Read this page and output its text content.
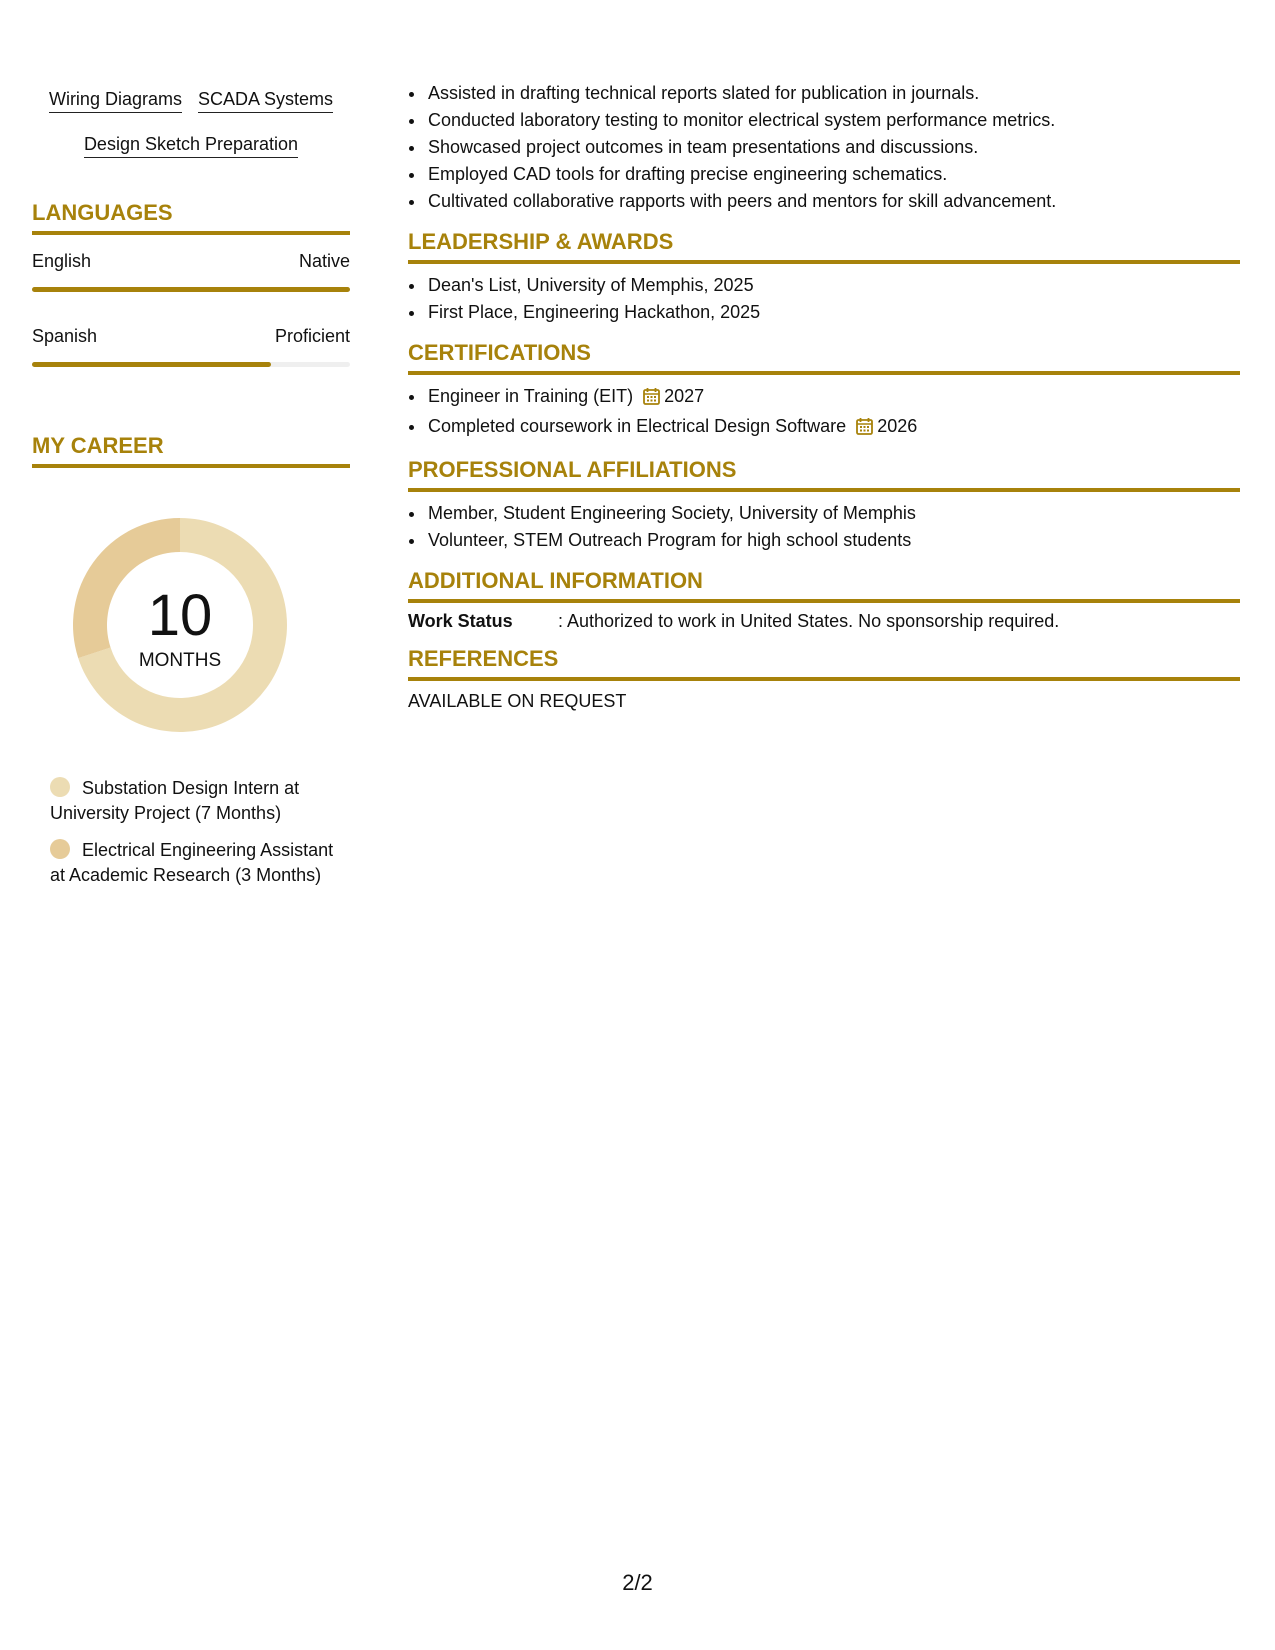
Wiring Diagrams SCADA Systems
Design Sketch Preparation
LANGUAGES
English	Native
Spanish	Proficient
MY CAREER
10
MONTHS
Substation Design Intern at University Project (7 Months)
Electrical Engineering Assistant at Academic Research (3 Months)
• Assisted in drafting technical reports slated for publication in journals.
• Conducted laboratory testing to monitor electrical system performance metrics.
• Showcased project outcomes in team presentations and discussions.
• Employed CAD tools for drafting precise engineering schematics.
• Cultivated collaborative rapports with peers and mentors for skill advancement.
LEADERSHIP & AWARDS
• Dean's List, University of Memphis, 2025
• First Place, Engineering Hackathon, 2025
CERTIFICATIONS
• Engineer in Training (EIT) 2027
• Completed coursework in Electrical Design Software 2026
PROFESSIONAL AFFILIATIONS
• Member, Student Engineering Society, University of Memphis
• Volunteer, STEM Outreach Program for high school students
ADDITIONAL INFORMATION
Work Status	: Authorized to work in United States. No sponsorship required.
REFERENCES
AVAILABLE ON REQUEST
2/2
